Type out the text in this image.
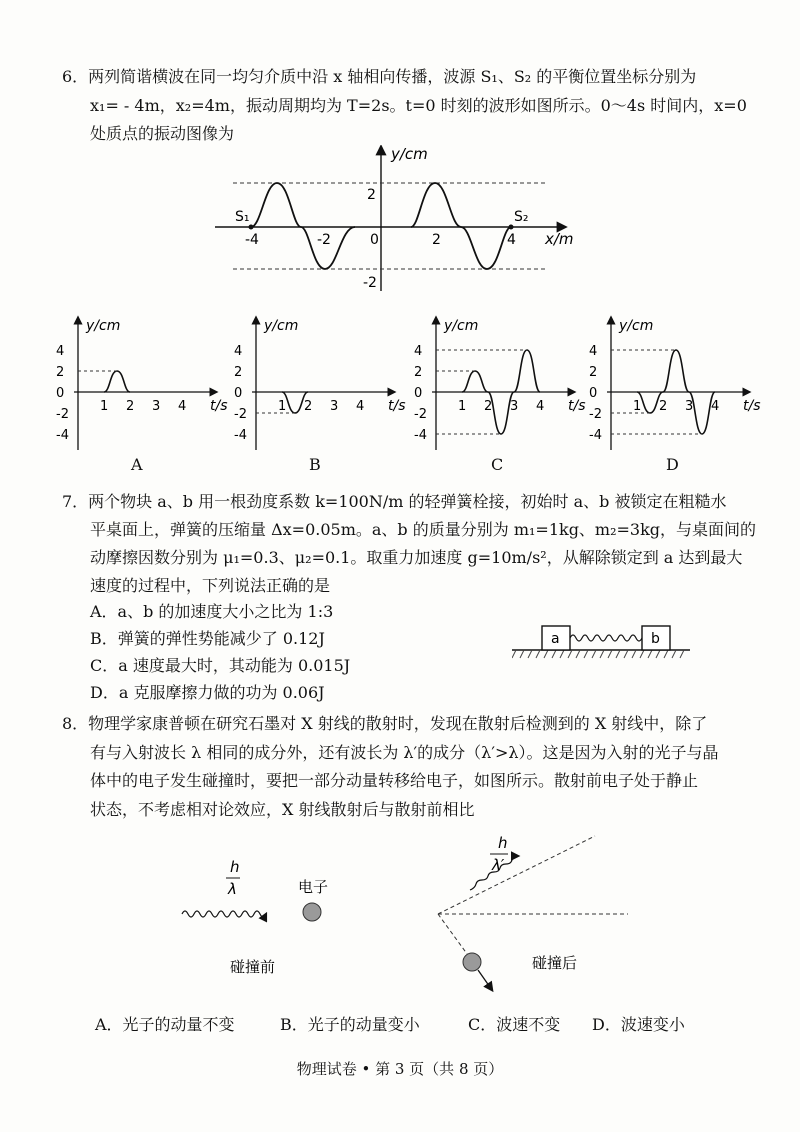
6．两列简谐横波在同一均匀介质中沿 x 轴相向传播，波源 S₁、S₂ 的平衡位置坐标分别为
x₁= - 4m，x₂=4m，振动周期均为 T=2s。t=0 时刻的波形如图所示。0～4s 时间内，x=0
处质点的振动图像为
-4	-2	0	2	4
2
-2
y/cm
x/m
S₁	S₂
y/cm
t/s
4
2
0
-2
-4
1 2 3 4
y/cm
t/s
4
2
0
-2
-4
1 2 3 4
y/cm
t/s
4
2
0
-2
-4
1 2 3 4
y/cm
t/s
4
2
0
-2
-4
1 2 3 4
A	B	C	D
7．两个物块 a、b 用一根劲度系数 k=100N/m 的轻弹簧栓接，初始时 a、b 被锁定在粗糙水
平桌面上，弹簧的压缩量 Δx=0.05m。a、b 的质量分别为 m₁=1kg、m₂=3kg，与桌面间的
动摩擦因数分别为 μ₁=0.3、μ₂=0.1。取重力加速度 g=10m/s²，从解除锁定到 a 达到最大
速度的过程中，下列说法正确的是
A．a、b 的加速度大小之比为 1:3
B．弹簧的弹性势能减少了 0.12J
C．a 速度最大时，其动能为 0.015J
D．a 克服摩擦力做的功为 0.06J
a	b
8．物理学家康普顿在研究石墨对 X 射线的散射时，发现在散射后检测到的 X 射线中，除了
有与入射波长 λ 相同的成分外，还有波长为 λ′的成分（λ′>λ）。这是因为入射的光子与晶
体中的电子发生碰撞时，要把一部分动量转移给电子，如图所示。散射前电子处于静止
状态，不考虑相对论效应，X 射线散射后与散射前相比
h
λ	电子
碰撞前
h
λ′
碰撞后
A．光子的动量不变	B．光子的动量变小	C．波速不变 D．波速变小
物理试卷 • 第 3 页（共 8 页）
